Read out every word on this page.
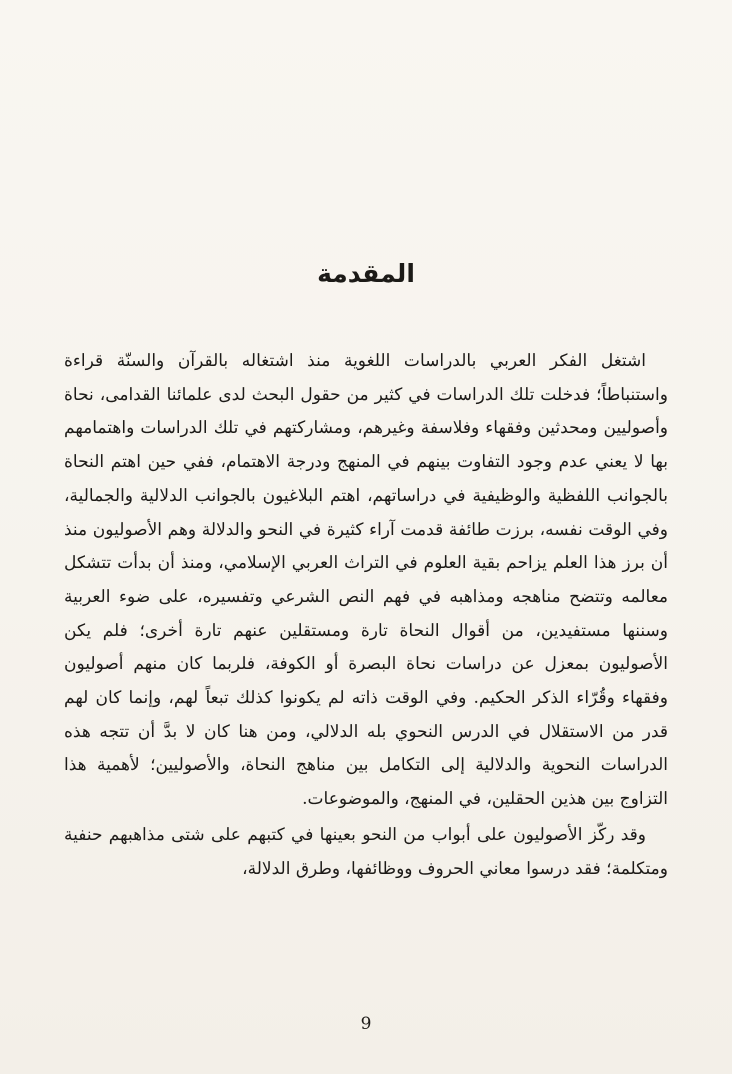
المقدمة

اشتغل الفكر العربي بالدراسات اللغوية منذ اشتغاله بالقرآن والسنّة قراءة واستنباطاً؛ فدخلت تلك الدراسات في كثير من حقول البحث لدى علمائنا القدامى، نحاة وأصوليين ومحدثين وفقهاء وفلاسفة وغيرهم، ومشاركتهم في تلك الدراسات واهتمامهم بها لا يعني عدم وجود التفاوت بينهم في المنهج ودرجة الاهتمام، ففي حين اهتم النحاة بالجوانب اللفظية والوظيفية في دراساتهم، اهتم البلاغيون بالجوانب الدلالية والجمالية، وفي الوقت نفسه، برزت طائفة قدمت آراء كثيرة في النحو والدلالة وهم الأصوليون منذ أن برز هذا العلم يزاحم بقية العلوم في التراث العربي الإسلامي، ومنذ أن بدأت تتشكل معالمه وتتضح مناهجه ومذاهبه في فهم النص الشرعي وتفسيره، على ضوء العربية وسننها مستفيدين، من أقوال النحاة تارة ومستقلين عنهم تارة أخرى؛ فلم يكن الأصوليون بمعزل عن دراسات نحاة البصرة أو الكوفة، فلربما كان منهم أصوليون وفقهاء وقُرّاء الذكر الحكيم. وفي الوقت ذاته لم يكونوا كذلك تبعاً لهم، وإنما كان لهم قدر من الاستقلال في الدرس النحوي بله الدلالي، ومن هنا كان لا بدَّ أن تتجه هذه الدراسات النحوية والدلالية إلى التكامل بين مناهج النحاة، والأصوليين؛ لأهمية هذا التزاوج بين هذين الحقلين، في المنهج، والموضوعات.

وقد ركّز الأصوليون على أبواب من النحو بعينها في كتبهم على شتى مذاهبهم حنفية ومتكلمة؛ فقد درسوا معاني الحروف ووظائفها، وطرق الدلالة،

9
